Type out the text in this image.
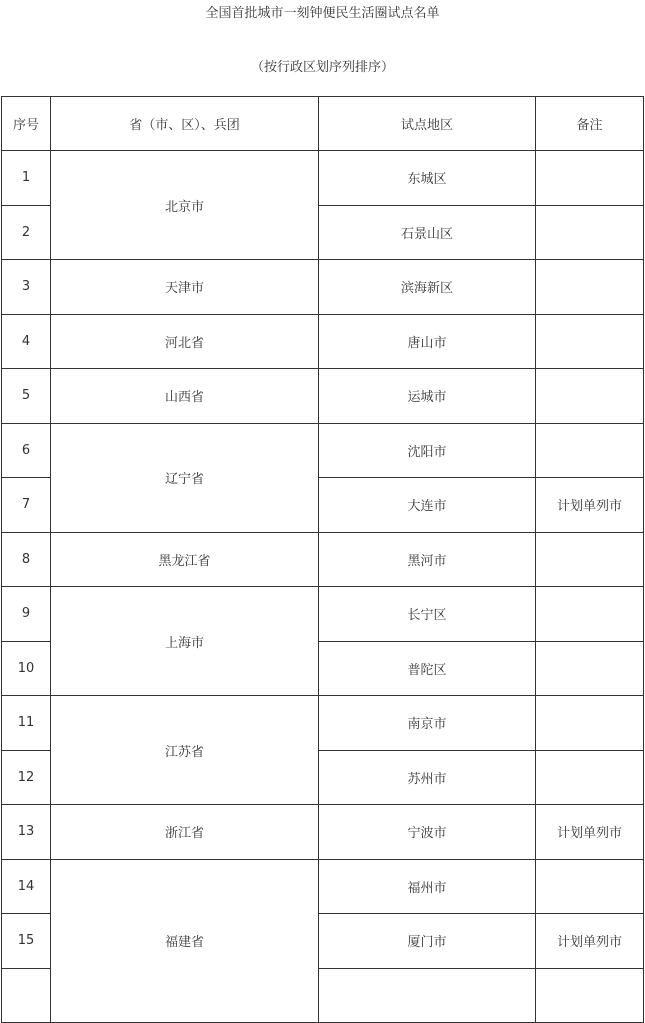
全国首批城市一刻钟便民生活圈试点名单
（按行政区划序列排序）
序号	省（市、区）、兵团	试点地区	备注
1	北京市	东城区	
2		石景山区	
3	天津市	滨海新区	
4	河北省	唐山市	
5	山西省	运城市	
6	辽宁省	沈阳市	
7		大连市	计划单列市
8	黑龙江省	黑河市	
9	上海市	长宁区	
10		普陀区	
11	江苏省	南京市	
12		苏州市	
13	浙江省	宁波市	计划单列市
14	福建省	福州市	
15		厦门市	计划单列市
